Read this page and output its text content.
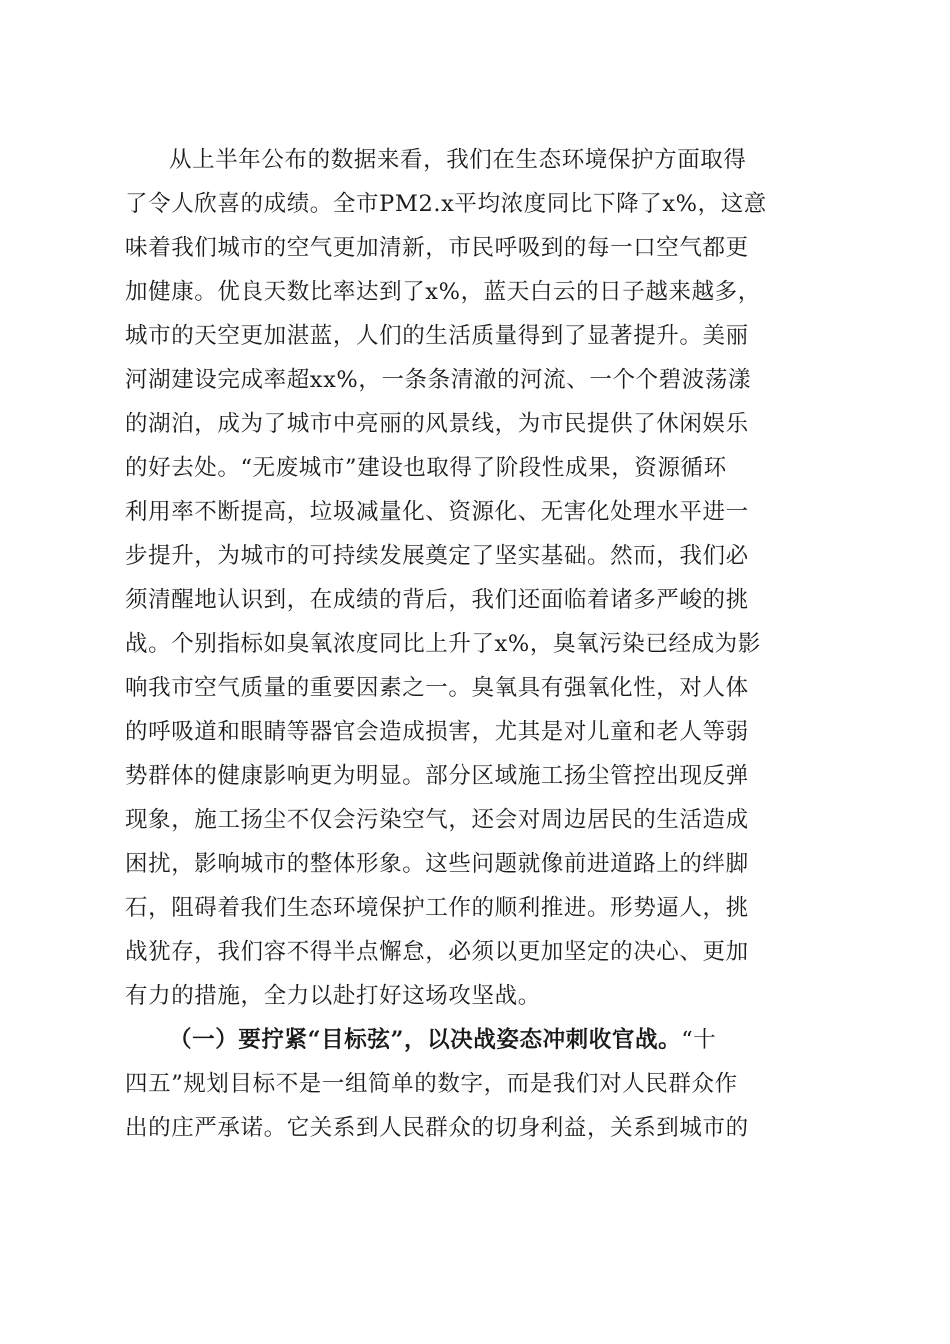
从上半年公布的数据来看，我们在生态环境保护方面取得
了令人欣喜的成绩。全市PM2.x平均浓度同比下降了x%，这意
味着我们城市的空气更加清新，市民呼吸到的每一口空气都更
加健康。优良天数比率达到了x%，蓝天白云的日子越来越多，
城市的天空更加湛蓝，人们的生活质量得到了显著提升。美丽
河湖建设完成率超xx%，一条条清澈的河流、一个个碧波荡漾
的湖泊，成为了城市中亮丽的风景线，为市民提供了休闲娱乐
的好去处。“无废城市”建设也取得了阶段性成果，资源循环
利用率不断提高，垃圾减量化、资源化、无害化处理水平进一
步提升，为城市的可持续发展奠定了坚实基础。然而，我们必
须清醒地认识到，在成绩的背后，我们还面临着诸多严峻的挑
战。个别指标如臭氧浓度同比上升了x%，臭氧污染已经成为影
响我市空气质量的重要因素之一。臭氧具有强氧化性，对人体
的呼吸道和眼睛等器官会造成损害，尤其是对儿童和老人等弱
势群体的健康影响更为明显。部分区域施工扬尘管控出现反弹
现象，施工扬尘不仅会污染空气，还会对周边居民的生活造成
困扰，影响城市的整体形象。这些问题就像前进道路上的绊脚
石，阻碍着我们生态环境保护工作的顺利推进。形势逼人，挑
战犹存，我们容不得半点懈怠，必须以更加坚定的决心、更加
有力的措施，全力以赴打好这场攻坚战。
（一）要拧紧“目标弦”，以决战姿态冲刺收官战。“十
四五”规划目标不是一组简单的数字，而是我们对人民群众作
出的庄严承诺。它关系到人民群众的切身利益，关系到城市的
